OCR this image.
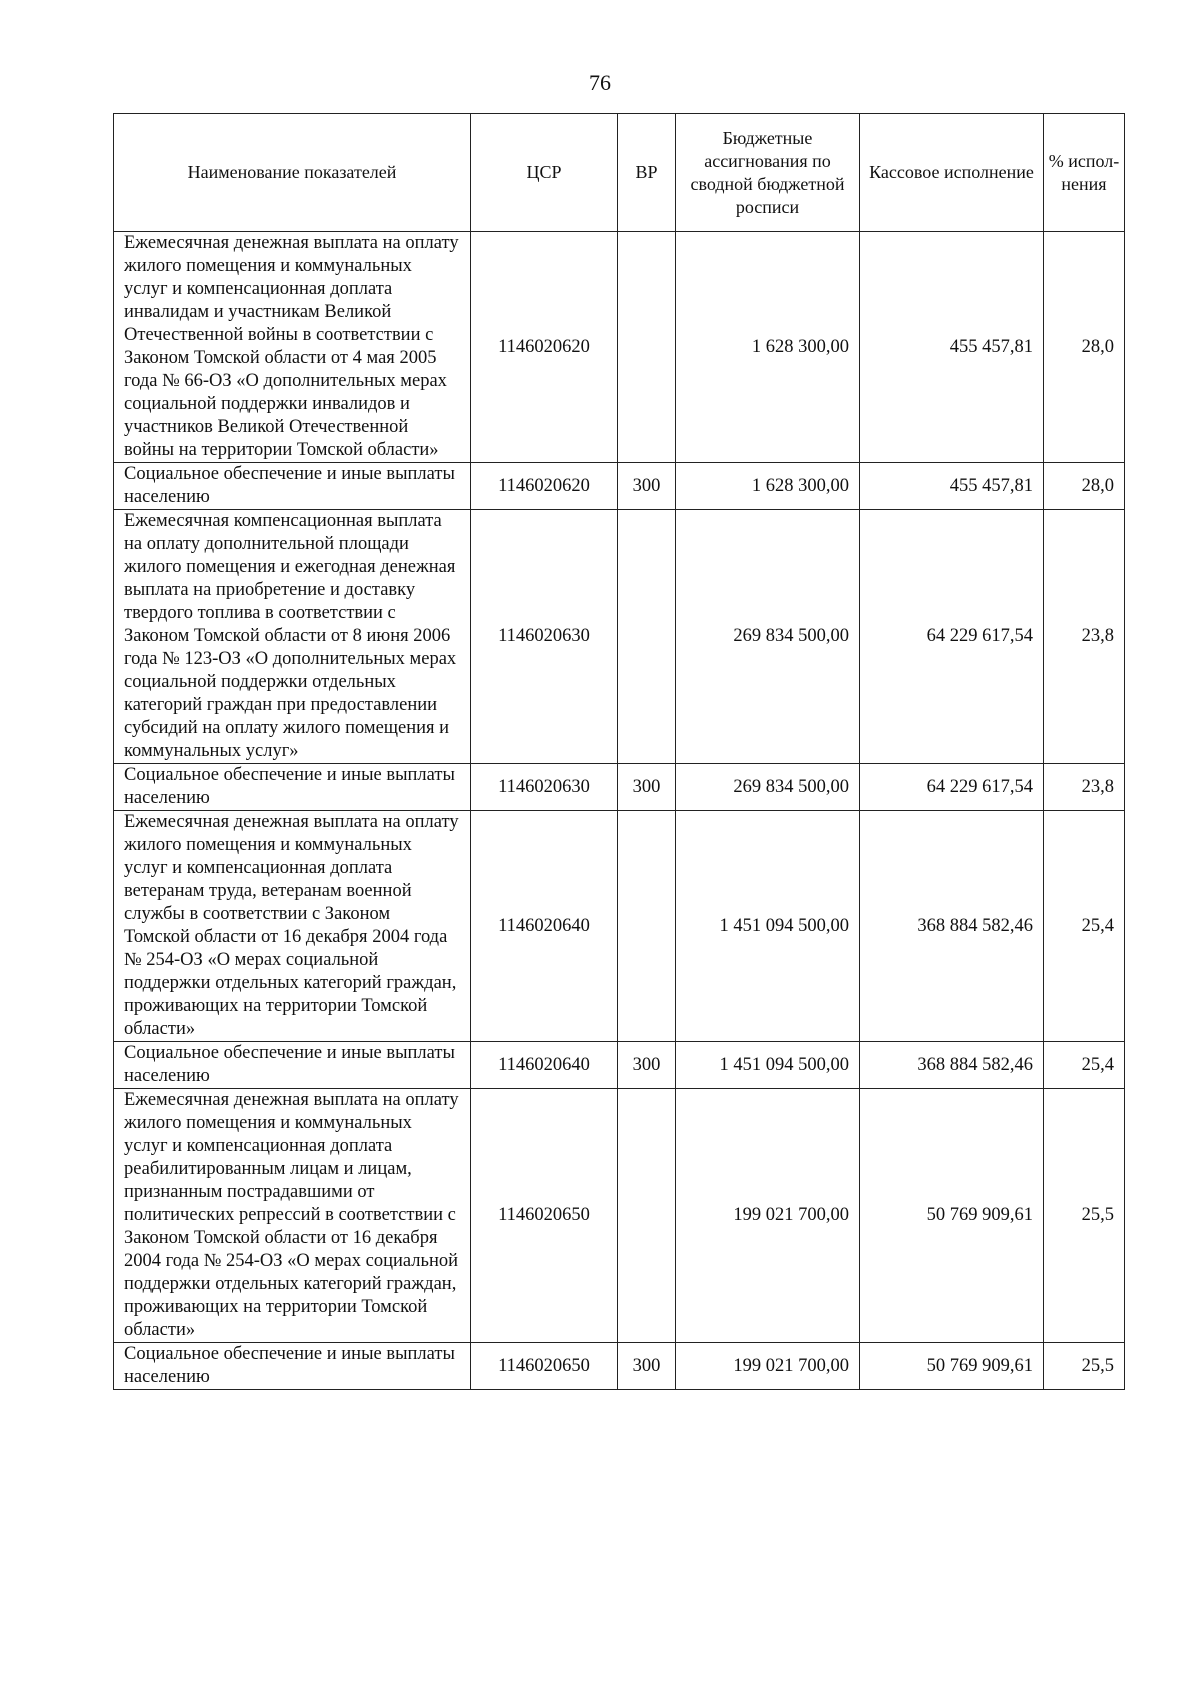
76
Наименование показателей	ЦСР	ВР	Бюджетные ассигнования по сводной бюджетной росписи	Кассовое исполнение	% испол-нения
Ежемесячная денежная выплата на оплату жилого помещения и коммунальных услуг и компенсационная доплата инвалидам и участникам Великой Отечественной войны в соответствии с Законом Томской области от 4 мая 2005 года № 66-ОЗ «О дополнительных мерах социальной поддержки инвалидов и участников Великой Отечественной войны на территории Томской области»	1146020620		1 628 300,00	455 457,81	28,0
Социальное обеспечение и иные выплаты населению	1146020620	300	1 628 300,00	455 457,81	28,0
Ежемесячная компенсационная выплата на оплату дополнительной площади жилого помещения и ежегодная денежная выплата на приобретение и доставку твердого топлива в соответствии с Законом Томской области от 8 июня 2006 года № 123-ОЗ «О дополнительных мерах социальной поддержки отдельных категорий граждан при предоставлении субсидий на оплату жилого помещения и коммунальных услуг»	1146020630		269 834 500,00	64 229 617,54	23,8
Социальное обеспечение и иные выплаты населению	1146020630	300	269 834 500,00	64 229 617,54	23,8
Ежемесячная денежная выплата на оплату жилого помещения и коммунальных услуг и компенсационная доплата ветеранам труда, ветеранам военной службы в соответствии с Законом Томской области от 16 декабря 2004 года № 254-ОЗ «О мерах социальной поддержки отдельных категорий граждан, проживающих на территории Томской области»	1146020640		1 451 094 500,00	368 884 582,46	25,4
Социальное обеспечение и иные выплаты населению	1146020640	300	1 451 094 500,00	368 884 582,46	25,4
Ежемесячная денежная выплата на оплату жилого помещения и коммунальных услуг и компенсационная доплата реабилитированным лицам и лицам, признанным пострадавшими от политических репрессий в соответствии с Законом Томской области от 16 декабря 2004 года № 254-ОЗ «О мерах социальной поддержки отдельных категорий граждан, проживающих на территории Томской области»	1146020650		199 021 700,00	50 769 909,61	25,5
Социальное обеспечение и иные выплаты населению	1146020650	300	199 021 700,00	50 769 909,61	25,5
